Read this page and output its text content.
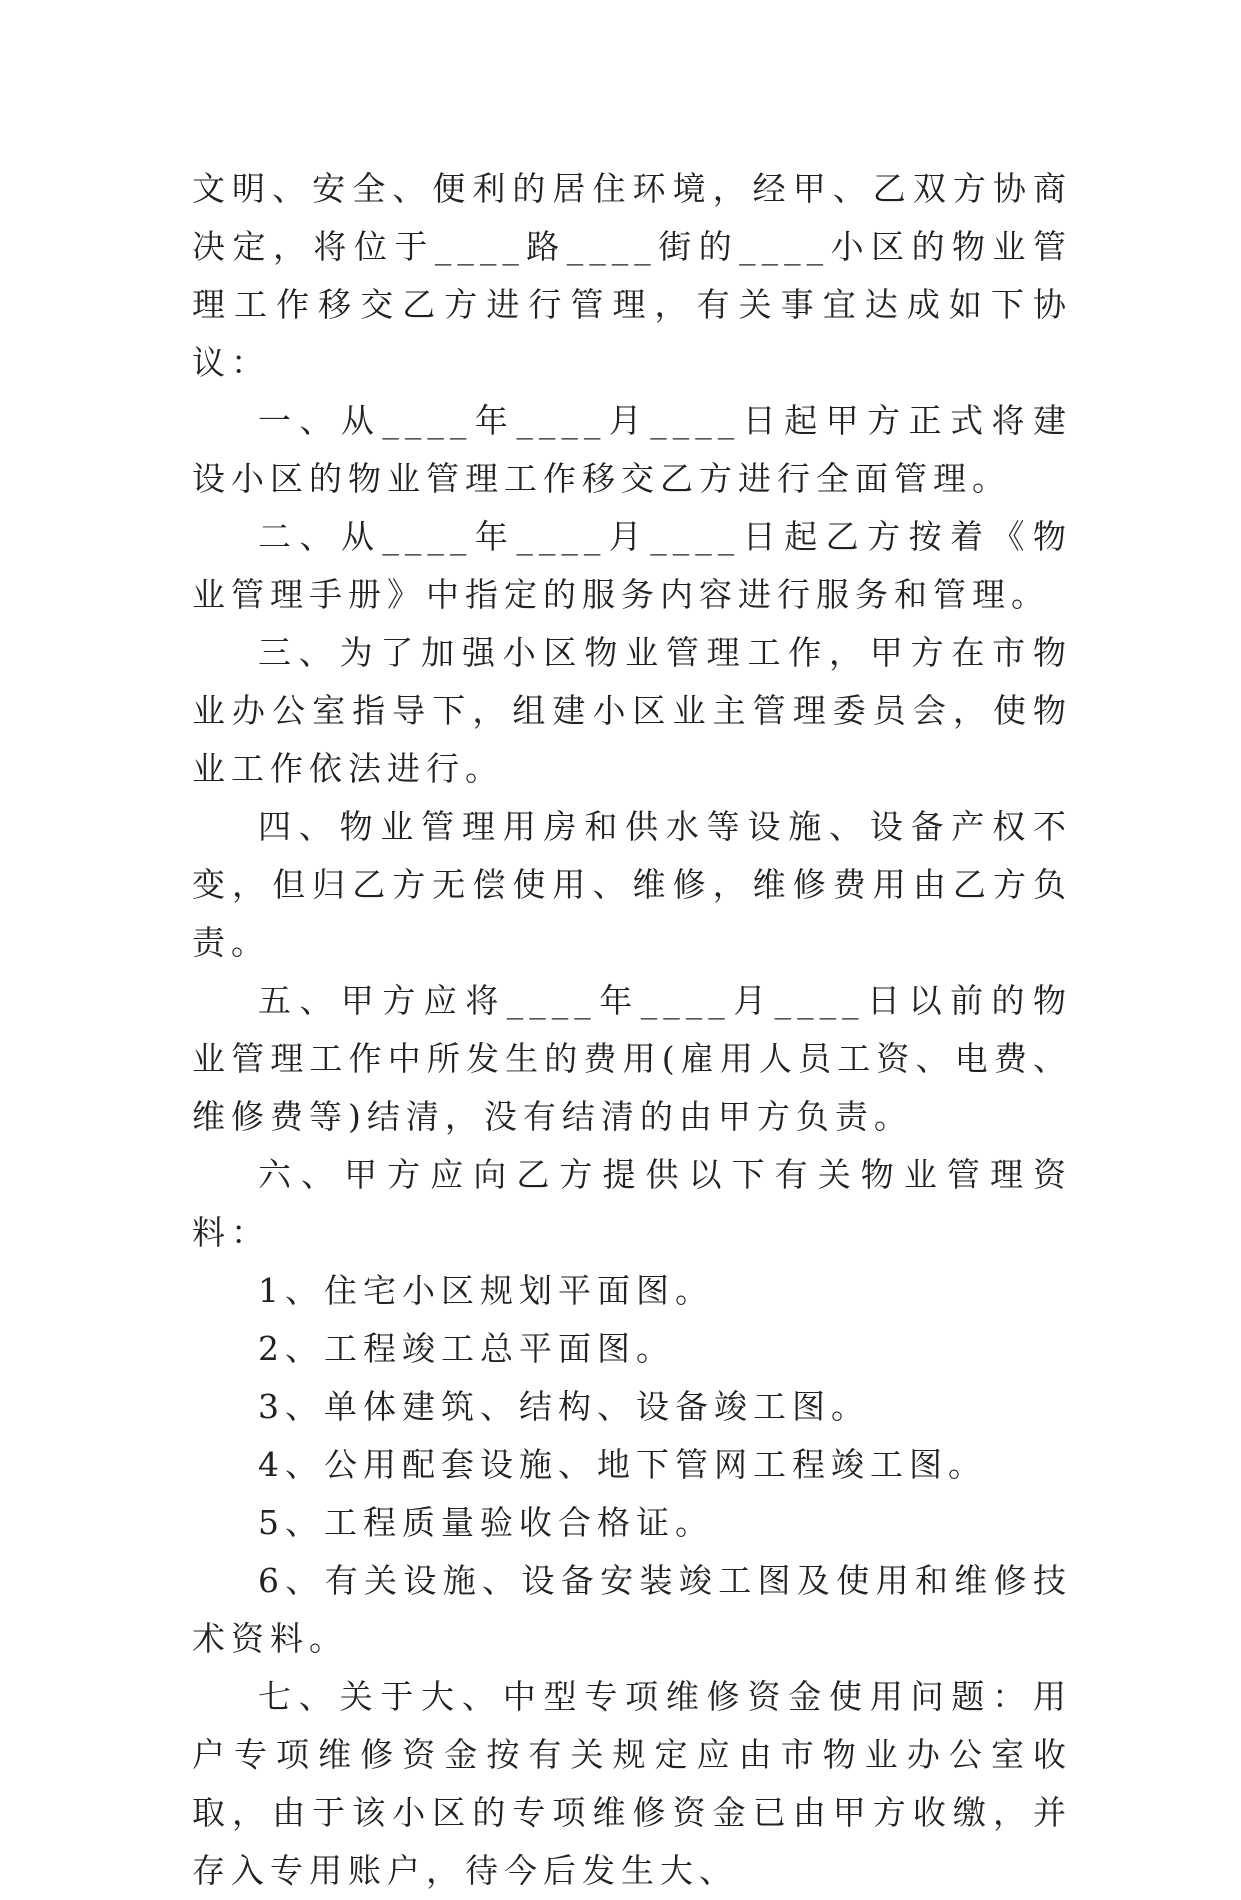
文明、安全、便利的居住环境，经甲、乙双方协商决定，将位于____路____街的____小区的物业管理工作移交乙方进行管理，有关事宜达成如下协议：

一、从____年____月____日起甲方正式将建设小区的物业管理工作移交乙方进行全面管理。

二、从____年____月____日起乙方按着《物业管理手册》中指定的服务内容进行服务和管理。

三、为了加强小区物业管理工作，甲方在市物业办公室指导下，组建小区业主管理委员会，使物业工作依法进行。

四、物业管理用房和供水等设施、设备产权不变，但归乙方无偿使用、维修，维修费用由乙方负责。

五、甲方应将____年____月____日以前的物业管理工作中所发生的费用(雇用人员工资、电费、维修费等)结清，没有结清的由甲方负责。

六、甲方应向乙方提供以下有关物业管理资料：

1、住宅小区规划平面图。

2、工程竣工总平面图。

3、单体建筑、结构、设备竣工图。

4、公用配套设施、地下管网工程竣工图。

5、工程质量验收合格证。

6、有关设施、设备安装竣工图及使用和维修技术资料。

七、关于大、中型专项维修资金使用问题：用户专项维修资金按有关规定应由市物业办公室收取，由于该小区的专项维修资金已由甲方收缴，并存入专用账户，待今后发生大、
